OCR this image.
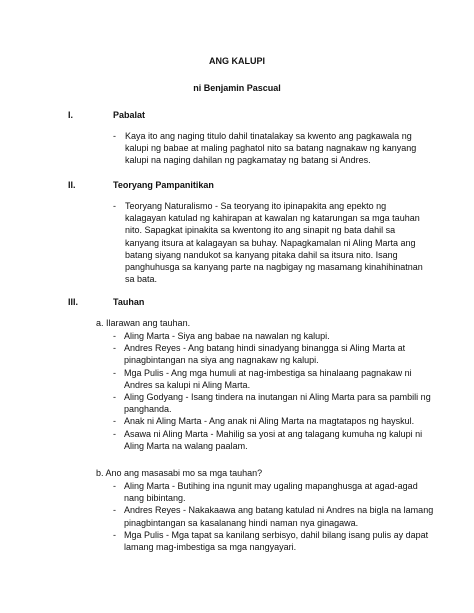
ANG KALUPI
ni Benjamin Pascual
I.	Pabalat
- Kaya ito ang naging titulo dahil tinatalakay sa kwento ang pagkawala ng kalupi ng babae at maling paghatol nito sa batang nagnakaw ng kanyang kalupi na naging dahilan ng pagkamatay ng batang si Andres.
II.	Teoryang Pampanitikan
- Teoryang Naturalismo - Sa teoryang ito ipinapakita ang epekto ng kalagayan katulad ng kahirapan at kawalan ng katarungan sa mga tauhan nito. Sapagkat ipinakita sa kwentong ito ang sinapit ng bata dahil sa kanyang itsura at kalagayan sa buhay. Napagkamalan ni Aling Marta ang batang siyang nandukot sa kanyang pitaka dahil sa itsura nito. Isang panghuhusga sa kanyang parte na nagbigay ng masamang kinahihinatnan sa bata.
III.	Tauhan
a. Ilarawan ang tauhan.
- Aling Marta - Siya ang babae na nawalan ng kalupi.
- Andres Reyes - Ang batang hindi sinadyang binangga si Aling Marta at pinagbintangan na siya ang nagnakaw ng kalupi.
- Mga Pulis - Ang mga humuli at nag-imbestiga sa hinalaang pagnakaw ni Andres sa kalupi ni Aling Marta.
- Aling Godyang - Isang tindera na inutangan ni Aling Marta para sa pambili ng panghanda.
- Anak ni Aling Marta - Ang anak ni Aling Marta na magtatapos ng hayskul.
- Asawa ni Aling Marta - Mahilig sa yosi at ang talagang kumuha ng kalupi ni Aling Marta na walang paalam.
b. Ano ang masasabi mo sa mga tauhan?
- Aling Marta - Butihing ina ngunit may ugaling mapanghusga at agad-agad nang bibintang.
- Andres Reyes - Nakakaawa ang batang katulad ni Andres na bigla na lamang pinagbintangan sa kasalanang hindi naman nya ginagawa.
- Mga Pulis - Mga tapat sa kanilang serbisyo, dahil bilang isang pulis ay dapat lamang mag-imbestiga sa mga nangyayari.
